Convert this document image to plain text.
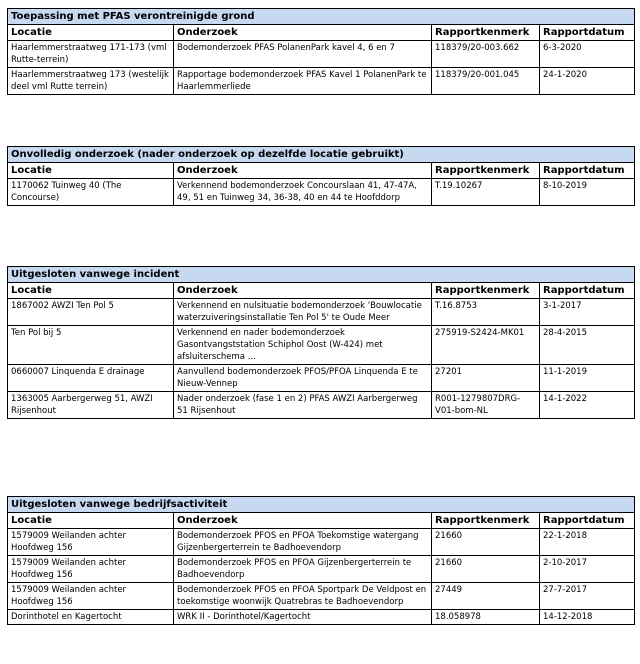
Toepassing met PFAS verontreinigde grond			
Locatie	Onderzoek	Rapportkenmerk	Rapportdatum
Haarlemmerstraatweg 171-173 (vml Rutte-terrein)	Bodemonderzoek PFAS PolanenPark kavel 4, 6 en 7	118379/20-003.662	6-3-2020
Haarlemmerstraatweg 173 (westelijk deel vml Rutte terrein)	Rapportage bodemonderzoek PFAS Kavel 1 PolanenPark te Haarlemmerliede	118379/20-001.045	24-1-2020
Onvolledig onderzoek (nader onderzoek op dezelfde locatie gebruikt)			
Locatie	Onderzoek	Rapportkenmerk	Rapportdatum
1170062 Tuinweg 40 (The Concourse)	Verkennend bodemonderzoek Concourslaan 41, 47-47A, 49, 51 en Tuinweg 34, 36-38, 40 en 44 te Hoofddorp	T.19.10267	8-10-2019
Uitgesloten vanwege incident			
Locatie	Onderzoek	Rapportkenmerk	Rapportdatum
1867002 AWZI Ten Pol 5	Verkennend en nulsituatie bodemonderzoek 'Bouwlocatie waterzuiveringsinstallatie Ten Pol 5' te Oude Meer	T.16.8753	3-1-2017
Ten Pol bij 5	Verkennend en nader bodemonderzoek Gasontvangststation Schiphol Oost (W-424) met afsluiterschema ...	275919-S2424-MK01	28-4-2015
0660007 Linquenda E drainage	Aanvullend bodemonderzoek PFOS/PFOA Linquenda E te Nieuw-Vennep	27201	11-1-2019
1363005 Aarbergerweg 51, AWZI Rijsenhout	Nader onderzoek (fase 1 en 2) PFAS AWZI Aarbergerweg 51 Rijsenhout	R001-1279807DRG-V01-bom-NL	14-1-2022
Uitgesloten vanwege bedrijfsactiviteit			
Locatie	Onderzoek	Rapportkenmerk	Rapportdatum
1579009 Weilanden achter Hoofdweg 156	Bodemonderzoek PFOS en PFOA Toekomstige watergang Gijzenbergerterrein te Badhoevendorp	21660	22-1-2018
1579009 Weilanden achter Hoofdweg 156	Bodemonderzoek PFOS en PFOA Gijzenbergerterrein te Badhoevendorp	21660	2-10-2017
1579009 Weilanden achter Hoofdweg 156	Bodemonderzoek PFOS en PFOA Sportpark De Veldpost en toekomstige woonwijk Quatrebras te Badhoevendorp	27449	27-7-2017
Dorinthotel en Kagertocht	WRK II - Dorinthotel/Kagertocht	18.058978	14-12-2018
